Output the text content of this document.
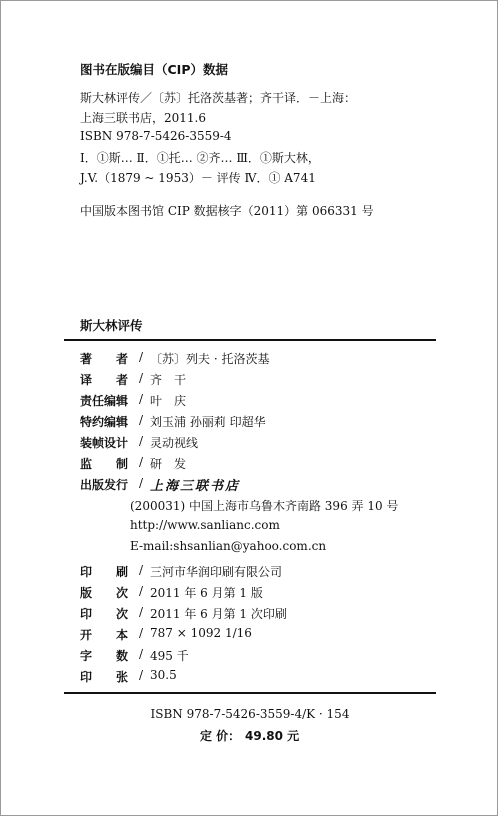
图书在版编目（CIP）数据
斯大林评传／〔苏〕托洛茨基著；齐干译．－上海：
上海三联书店，2011.6
ISBN 978-7-5426-3559-4
Ⅰ．①斯… Ⅱ．①托… ②齐… Ⅲ．①斯大林，
J.V.（1879 ~ 1953）－ 评传 Ⅳ．① A741
中国版本图书馆 CIP 数据核字（2011）第 066331 号
斯大林评传
著　　者 / 〔苏〕列夫 · 托洛茨基
译　　者 / 齐　干
责任编辑 / 叶　庆
特约编辑 / 刘玉浦 孙丽莉 印超华
装帧设计 / 灵动视线
监　　制 / 研　发
出版发行 / 上海三联书店
(200031) 中国上海市乌鲁木齐南路 396 弄 10 号
http://www.sanlianc.com
E-mail:shsanlian@yahoo.com.cn
印　　刷 / 三河市华润印刷有限公司
版　　次 / 2011 年 6 月第 1 版
印　　次 / 2011 年 6 月第 1 次印刷
开　　本 / 787 × 1092 1/16
字　　数 / 495 千
印　　张 / 30.5
ISBN 978-7-5426-3559-4/K · 154
定 价： 49.80 元
